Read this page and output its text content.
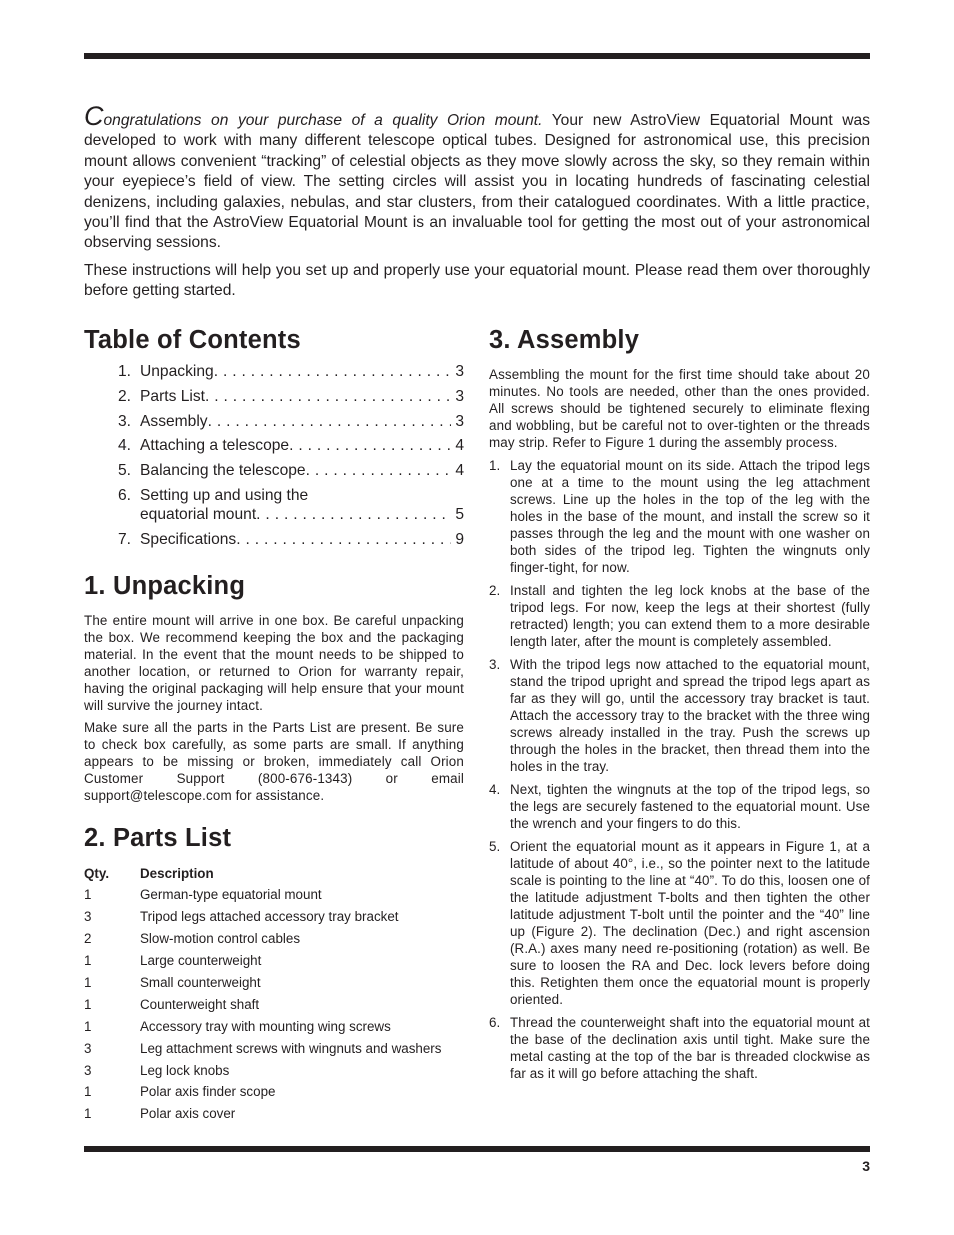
Congratulations on your purchase of a quality Orion mount. Your new AstroView Equatorial Mount was developed to work with many different telescope optical tubes. Designed for astronomical use, this precision mount allows convenient “tracking” of celestial objects as they move slowly across the sky, so they remain within your eyepiece’s field of view. The setting circles will assist you in locating hundreds of fascinating celestial denizens, including galaxies, nebulas, and star clusters, from their catalogued coordinates. With a little practice, you’ll find that the AstroView Equatorial Mount is an invaluable tool for getting the most out of your astronomical observing sessions.

These instructions will help you set up and properly use your equatorial mount. Please read them over thoroughly before getting started.

Table of Contents
1. Unpacking . . .	3
2. Parts List . . .	3
3. Assembly . . .	3
4. Attaching a telescope . . .	4
5. Balancing the telescope . . .	4
6. Setting up and using the
equatorial mount . . .	5
7. Specifications . . .	9
1. Unpacking

The entire mount will arrive in one box. Be careful unpacking the box. We recommend keeping the box and the packaging material. In the event that the mount needs to be shipped to another location, or returned to Orion for warranty repair, having the original packaging will help ensure that your mount will survive the journey intact.

Make sure all the parts in the Parts List are present. Be sure to check box carefully, as some parts are small. If anything appears to be missing or broken, immediately call Orion Customer Support (800-676-1343) or email support@telescope.com for assistance.

2. Parts List
Qty.	Description
1	German-type equatorial mount
3	Tripod legs attached accessory tray bracket
2	Slow-motion control cables
1	Large counterweight
1	Small counterweight
1	Counterweight shaft
1	Accessory tray with mounting wing screws
3	Leg attachment screws with wingnuts and washers
3	Leg lock knobs
1	Polar axis finder scope
1	Polar axis cover
3. Assembly

Assembling the mount for the first time should take about 20 minutes. No tools are needed, other than the ones provided. All screws should be tightened securely to eliminate flexing and wobbling, but be careful not to over-tighten or the threads may strip. Refer to Figure 1 during the assembly process.

1. Lay the equatorial mount on its side. Attach the tripod legs one at a time to the mount using the leg attachment screws. Line up the holes in the top of the leg with the holes in the base of the mount, and install the screw so it passes through the leg and the mount with one washer on both sides of the tripod leg. Tighten the wingnuts only finger-tight, for now.
2. Install and tighten the leg lock knobs at the base of the tripod legs. For now, keep the legs at their shortest (fully retracted) length; you can extend them to a more desirable length later, after the mount is completely assembled.
3. With the tripod legs now attached to the equatorial mount, stand the tripod upright and spread the tripod legs apart as far as they will go, until the accessory tray bracket is taut. Attach the accessory tray to the bracket with the three wing screws already installed in the tray. Push the screws up through the holes in the bracket, then thread them into the holes in the tray.
4. Next, tighten the wingnuts at the top of the tripod legs, so the legs are securely fastened to the equatorial mount. Use the wrench and your fingers to do this.
5. Orient the equatorial mount as it appears in Figure 1, at a latitude of about 40°, i.e., so the pointer next to the latitude scale is pointing to the line at “40”. To do this, loosen one of the latitude adjustment T-bolts and then tighten the other latitude adjustment T-bolt until the pointer and the “40” line up (Figure 2). The declination (Dec.) and right ascension (R.A.) axes many need re-positioning (rotation) as well. Be sure to loosen the RA and Dec. lock levers before doing this. Retighten them once the equatorial mount is properly oriented.
6. Thread the counterweight shaft into the equatorial mount at the base of the declination axis until tight. Make sure the metal casting at the top of the bar is threaded clockwise as far as it will go before attaching the shaft.
3
